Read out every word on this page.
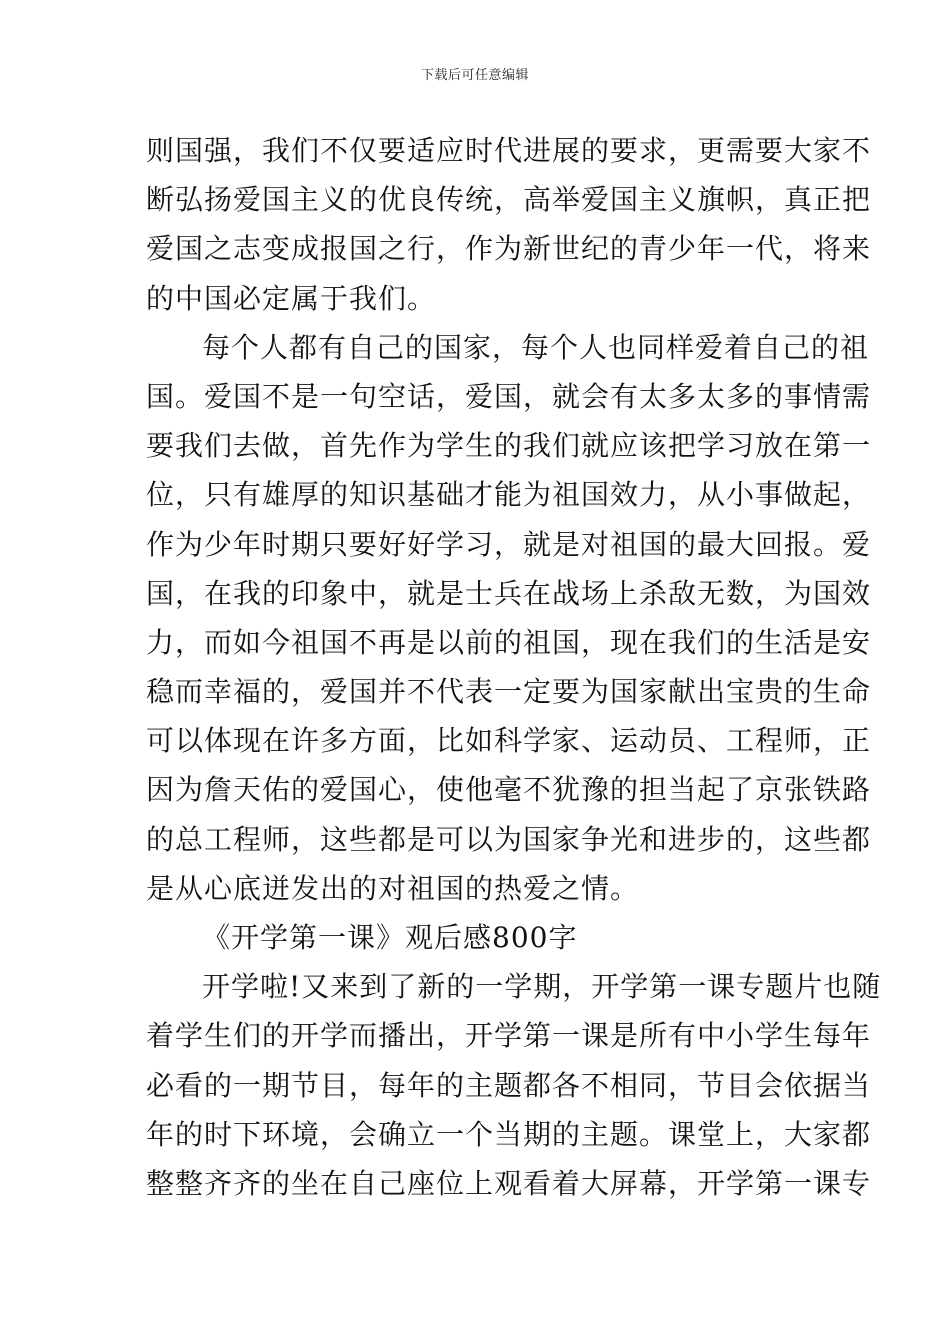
下载后可任意编辑
则国强，我们不仅要适应时代进展的要求，更需要大家不
断弘扬爱国主义的优良传统，高举爱国主义旗帜，真正把
爱国之志变成报国之行，作为新世纪的青少年一代，将来
的中国必定属于我们。
每个人都有自己的国家，每个人也同样爱着自己的祖
国。爱国不是一句空话，爱国，就会有太多太多的事情需
要我们去做，首先作为学生的我们就应该把学习放在第一
位，只有雄厚的知识基础才能为祖国效力，从小事做起，
作为少年时期只要好好学习，就是对祖国的最大回报。爱
国，在我的印象中，就是士兵在战场上杀敌无数，为国效
力，而如今祖国不再是以前的祖国，现在我们的生活是安
稳而幸福的，爱国并不代表一定要为国家献出宝贵的生命
可以体现在许多方面，比如科学家、运动员、工程师，正
因为詹天佑的爱国心，使他毫不犹豫的担当起了京张铁路
的总工程师，这些都是可以为国家争光和进步的，这些都
是从心底迸发出的对祖国的热爱之情。
《开学第一课》观后感800字
开学啦!又来到了新的一学期，开学第一课专题片也随
着学生们的开学而播出，开学第一课是所有中小学生每年
必看的一期节目，每年的主题都各不相同，节目会依据当
年的时下环境，会确立一个当期的主题。课堂上，大家都
整整齐齐的坐在自己座位上观看着大屏幕，开学第一课专
